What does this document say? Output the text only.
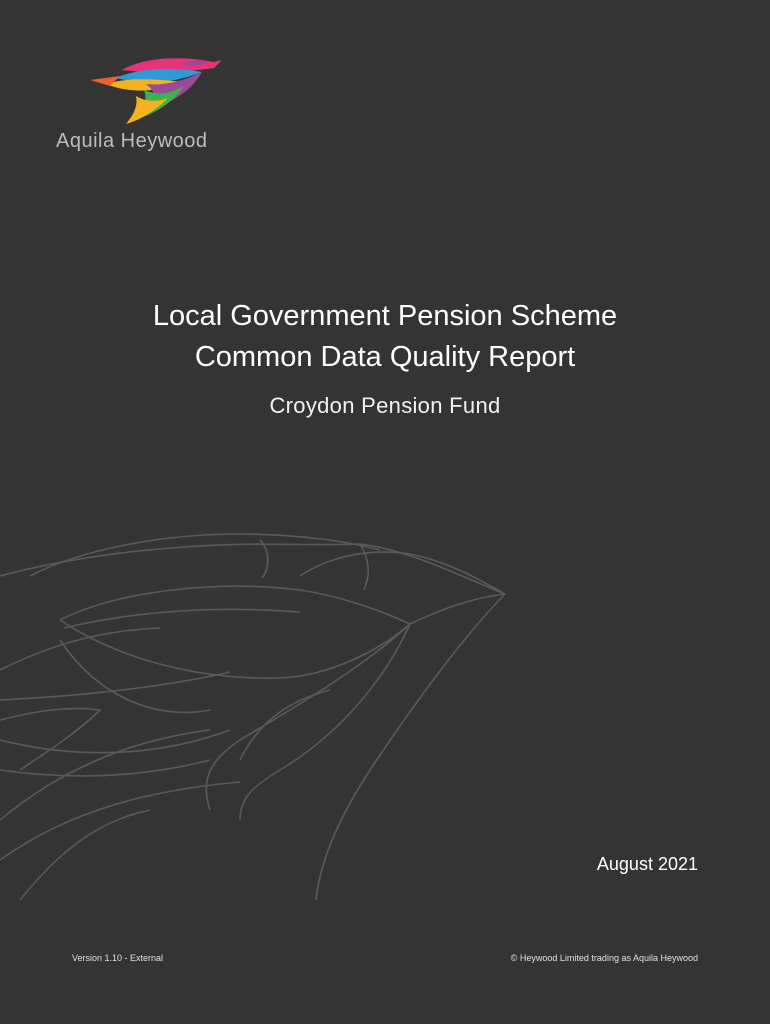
Aquila Heywood
Local Government Pension Scheme
Common Data Quality Report
Croydon Pension Fund
August 2021
Version 1.10 - External	© Heywood Limited trading as Aquila Heywood
